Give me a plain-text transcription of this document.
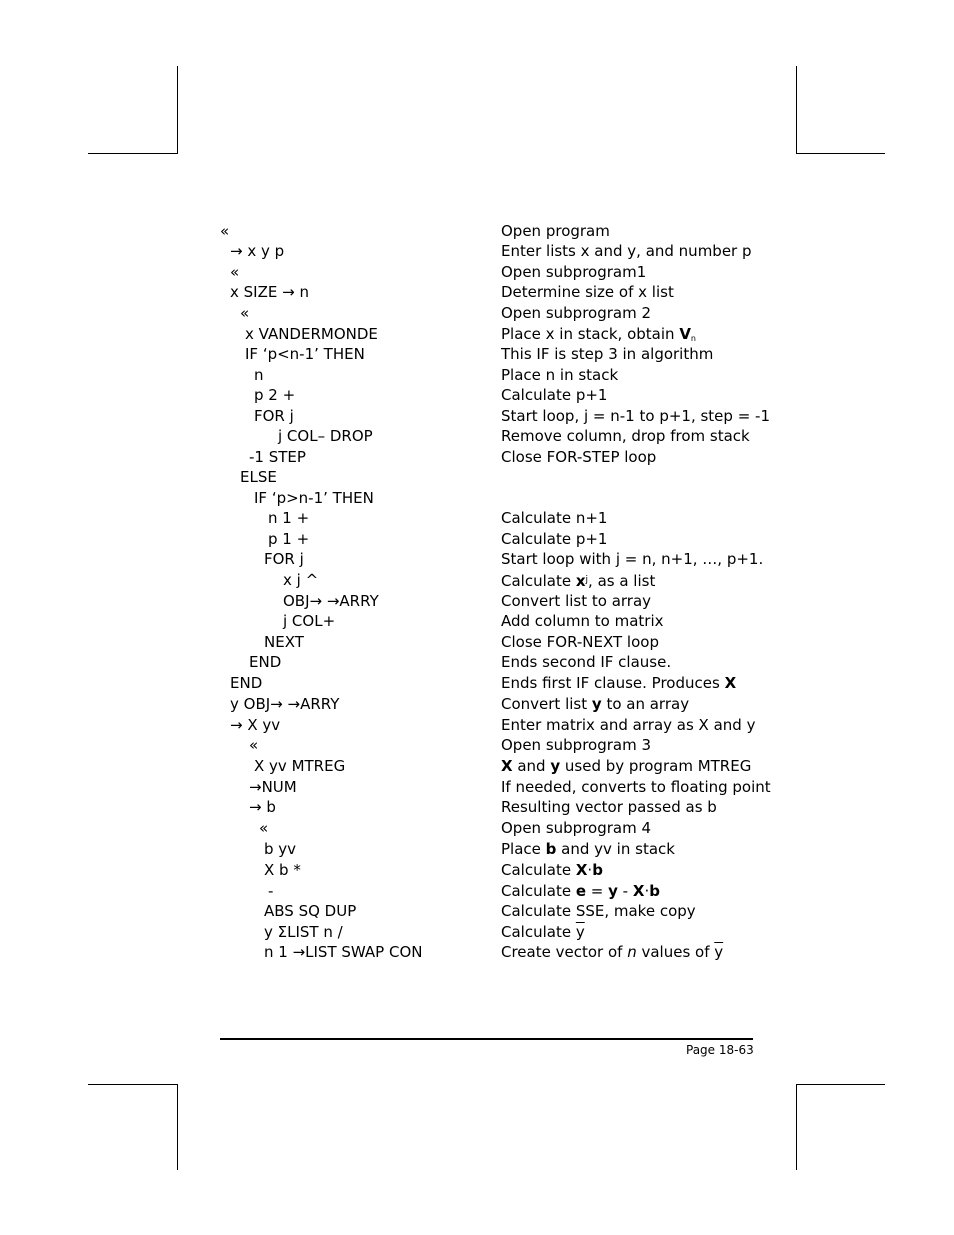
«	Open program
→ x y p	Enter lists x and y, and number p
«	Open subprogram1
x SIZE → n	Determine size of x list
«	Open subprogram 2
x VANDERMONDE	Place x in stack, obtain $V_n$
IF ‘p<n-1’ THEN	This IF is step 3 in algorithm
n	Place n in stack
p 2 +	Calculate p+1
FOR j	Start loop, j = n-1 to p+1, step = -1
j COL– DROP	Remove column, drop from stack
-1 STEP	Close FOR-STEP loop
ELSE
IF ‘p>n-1’ THEN
n 1 +	Calculate n+1
p 1 +	Calculate p+1
FOR j	Start loop with j = n, n+1, …, p+1.
x j ^	Calculate $x^j$, as a list
OBJ→ →ARRY	Convert list to array
j COL+	Add column to matrix
NEXT	Close FOR-NEXT loop
END	Ends second IF clause.
END	Ends first IF clause. Produces X
y OBJ→ →ARRY	Convert list y to an array
→ X yv	Enter matrix and array as X and y
«	Open subprogram 3
X yv MTREG	X and y used by program MTREG
→NUM	If needed, converts to floating point
→ b	Resulting vector passed as b
«	Open subprogram 4
b yv	Place b and yv in stack
X b *	Calculate X·b
-	Calculate e = y - X·b
ABS SQ DUP	Calculate SSE, make copy
y ΣLIST n /	Calculate $\overline{y}$
n 1 →LIST SWAP CON	Create vector of n values of $\overline{y}$
Page 18-63
